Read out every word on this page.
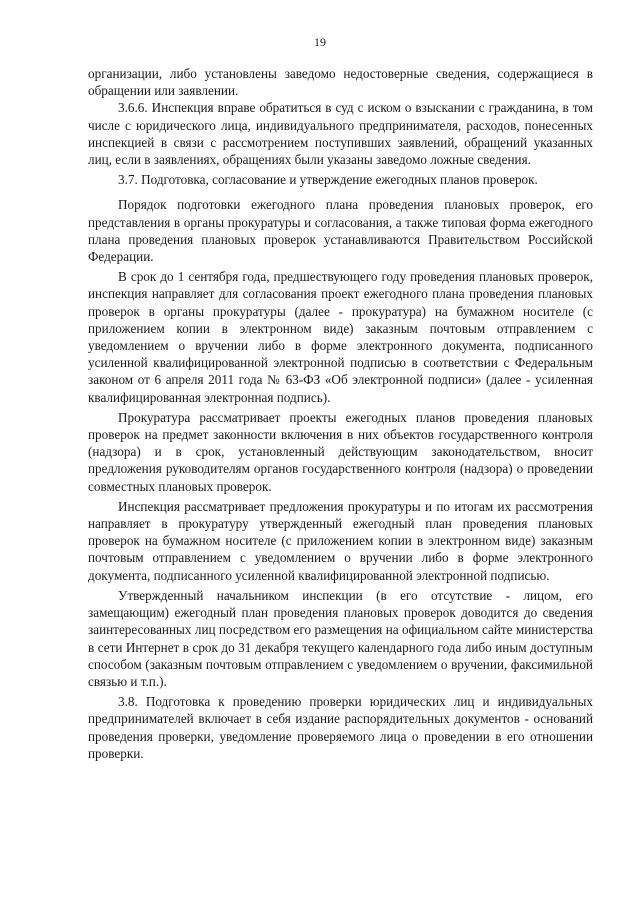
19

организации, либо установлены заведомо недостоверные сведения, содержащиеся в обращении или заявлении.

3.6.6. Инспекция вправе обратиться в суд с иском о взыскании с гражданина, в том числе с юридического лица, индивидуального предпринимателя, расходов, понесенных инспекцией в связи с рассмотрением поступивших заявлений, обращений указанных лиц, если в заявлениях, обращениях были указаны заведомо ложные сведения.

3.7. Подготовка, согласование и утверждение ежегодных планов проверок.

Порядок подготовки ежегодного плана проведения плановых проверок, его представления в органы прокуратуры и согласования, а также типовая форма ежегодного плана проведения плановых проверок устанавливаются Правительством Российской Федерации.

В срок до 1 сентября года, предшествующего году проведения плановых проверок, инспекция направляет для согласования проект ежегодного плана проведения плановых проверок в органы прокуратуры (далее - прокуратура) на бумажном носителе (с приложением копии в электронном виде) заказным почтовым отправлением с уведомлением о вручении либо в форме электронного документа, подписанного усиленной квалифицированной электронной подписью в соответствии с Федеральным законом от 6 апреля 2011 года № 63-ФЗ «Об электронной подписи» (далее - усиленная квалифицированная электронная подпись).

Прокуратура рассматривает проекты ежегодных планов проведения плановых проверок на предмет законности включения в них объектов государственного контроля (надзора) и в срок, установленный действующим законодательством, вносит предложения руководителям органов государственного контроля (надзора) о проведении совместных плановых проверок.

Инспекция рассматривает предложения прокуратуры и по итогам их рассмотрения направляет в прокуратуру утвержденный ежегодный план проведения плановых проверок на бумажном носителе (с приложением копии в электронном виде) заказным почтовым отправлением с уведомлением о вручении либо в форме электронного документа, подписанного усиленной квалифицированной электронной подписью.

Утвержденный начальником инспекции (в его отсутствие - лицом, его замещающим) ежегодный план проведения плановых проверок доводится до сведения заинтересованных лиц посредством его размещения на официальном сайте министерства в сети Интернет в срок до 31 декабря текущего календарного года либо иным доступным способом (заказным почтовым отправлением с уведомлением о вручении, факсимильной связью и т.п.).

3.8. Подготовка к проведению проверки юридических лиц и индивидуальных предпринимателей включает в себя издание распорядительных документов - оснований проведения проверки, уведомление проверяемого лица о проведении в его отношении проверки.
